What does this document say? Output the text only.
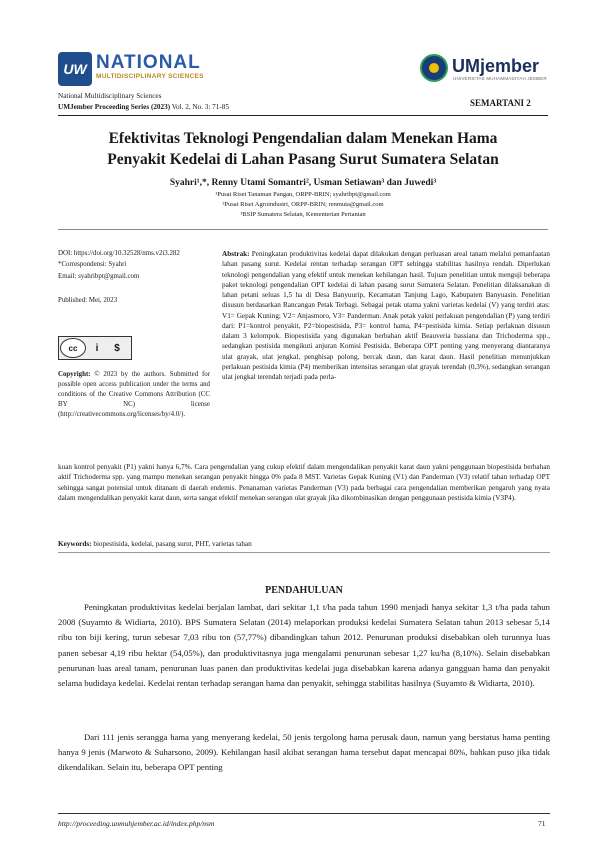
UW NATIONAL
MULTIDISCIPLINARY SCIENCES
UMjember
UNIVERSITAS MUHAMMADIYAH JEMBER
National Multidisciplinary Sciences
UMJember Proceeding Series (2023) Vol. 2, No. 3: 71-85	SEMARTANI 2
Efektivitas Teknologi Pengendalian dalam Menekan Hama
Penyakit Kedelai di Lahan Pasang Surut Sumatera Selatan
Syahri¹,*, Renny Utami Somantri², Usman Setiawan³ dan Juwedi³
¹Pusat Riset Tanaman Pangan, ORPP-BRIN; syahribpt@gmail.com
²Pusat Riset Agroindustri, ORPP-BRIN; renmuta@gmail.com
³BSIP Sumatera Selatan, Kementerian Pertanian
DOI: https://doi.org/10.32528/nms.v2i3.282
*Correspondensi: Syahri
Email: syahribpt@gmail.com
Published: Mei, 2023
cc	i	$
Copyright: © 2023 by the authors. Submitted for possible open access publication under the terms and conditions of the Creative Commons Attribution (CC BY NC) license (http://creativecommons.org/licenses/by/4.0/).
Abstrak: Peningkatan produktivitas kedelai dapat dilakukan dengan perluasan areal tanam melalui pemanfaatan lahan pasang surut. Kedelai rentan terhadap serangan OPT sehingga stabilitas hasilnya rendah. Diperlukan teknologi pengendalian yang efektif untuk menekan kehilangan hasil. Tujuan penelitian untuk menguji beberapa paket teknologi pengendalian OPT kedelai di lahan pasang surut Sumatera Selatan. Penelitian dilaksanakan di lahan petani seluas 1,5 ha di Desa Banyuurip, Kecamatan Tanjung Lago, Kabupaten Banyuasin. Penelitian disusun berdasarkan Rancangan Petak Terbagi. Sebagai petak utama yakni varietas kedelai (V) yang terdiri atas: V1= Gepak Kuning; V2= Anjasmoro, V3= Panderman. Anak petak yakni perlakuan pengendalian (P) yang terdiri dari: P1=kontrol penyakit, P2=biopestisida, P3= kontrol hama, P4=pestisida kimia. Setiap perlakuan disusun dalam 3 kelompok. Biopestisida yang digunakan berbahan aktif Beauveria bassiana dan Trichoderma spp., sedangkan pestisida mengikuti anjuran Komisi Pestisida. Beberapa OPT penting yang menyerang diantaranya ulat grayak, ulat jengkal, penghisap polong, bercak daun, dan karat daun. Hasil penelitian menunjukkan perlakuan pestisida kimia (P4) memberikan intensitas serangan ulat grayak terendah (0,3%), sedangkan serangan ulat jengkal terendah terjadi pada perla-
kuan kontrol penyakit (P1) yakni hanya 6,7%. Cara pengendalian yang cukup efektif dalam mengendalikan penyakit karat daun yakni penggunaan biopestisida berbahan aktif Trichoderma spp. yang mampu menekan serangan penyakit hingga 0% pada 8 MST. Varietas Gepak Kuning (V1) dan Panderman (V3) relatif tahan terhadap OPT sehingga sangat potensial untuk ditanam di daerah endemis. Penanaman varietas Panderman (V3) pada berbagai cara pengendalian memberikan pengaruh yang nyata dalam mengendalikan penyakit karat daun, serta sangat efektif menekan serangan ulat grayak jika dikombinasikan dengan penggunaan pestisida kimia (V3P4).
Keywords: biopestisida, kedelai, pasang surut, PHT, varietas tahan
PENDAHULUAN
Peningkatan produktivitas kedelai berjalan lambat, dari sekitar 1,1 t/ha pada tahun 1990 menjadi hanya sekitar 1,3 t/ha pada tahun 2008 (Suyamto & Widiarta, 2010). BPS Sumatera Selatan (2014) melaporkan produksi kedelai Sumatera Selatan tahun 2013 sebesar 5,14 ribu ton biji kering, turun sebesar 7,03 ribu ton (57,77%) dibandingkan tahun 2012. Penurunan produksi disebabkan oleh turunnya luas panen sebesar 4,19 ribu hektar (54,05%), dan produktivitasnya juga mengalami penurunan sebesar 1,27 ku/ha (8,10%). Selain disebabkan penurunan luas areal tanam, penurunan luas panen dan produktivitas kedelai juga disebabkan karena adanya gangguan hama dan penyakit selama budidaya kedelai. Kedelai rentan terhadap serangan hama dan penyakit, sehingga stabilitas hasilnya (Suyamto & Widiarta, 2010).
Dari 111 jenis serangga hama yang menyerang kedelai, 50 jenis tergolong hama perusak daun, namun yang berstatus hama penting hanya 9 jenis (Marwoto & Suharsono, 2009). Kehilangan hasil akibat serangan hama tersebut dapat mencapai 80%, bahkan puso jika tidak dikendalikan. Selain itu, beberapa OPT penting
http://proceeding.unmuhjember.ac.id/index.php/nsm	71
